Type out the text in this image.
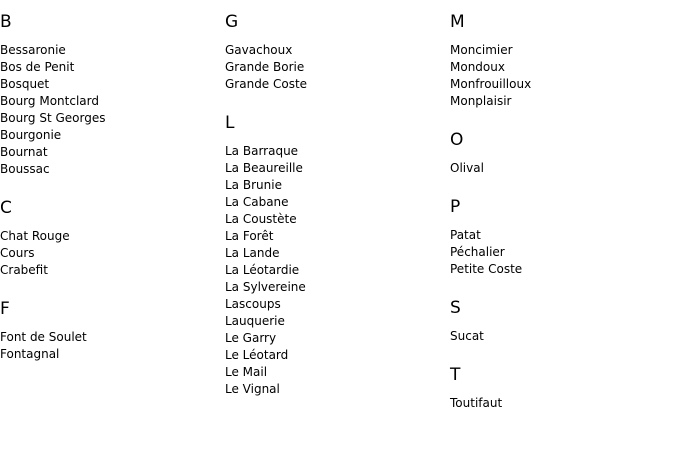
B
Bessaronie
Bos de Penit
Bosquet
Bourg Montclard
Bourg St Georges
Bourgonie
Bournat
Boussac
C
Chat Rouge
Cours
Crabefit
F
Font de Soulet
Fontagnal
G
Gavachoux
Grande Borie
Grande Coste
L
La Barraque
La Beaureille
La Brunie
La Cabane
La Coustète
La Forêt
La Lande
La Léotardie
La Sylvereine
Lascoups
Lauquerie
Le Garry
Le Léotard
Le Mail
Le Vignal
M
Moncimier
Mondoux
Monfrouilloux
Monplaisir
O
Olival
P
Patat
Péchalier
Petite Coste
S
Sucat
T
Toutifaut
